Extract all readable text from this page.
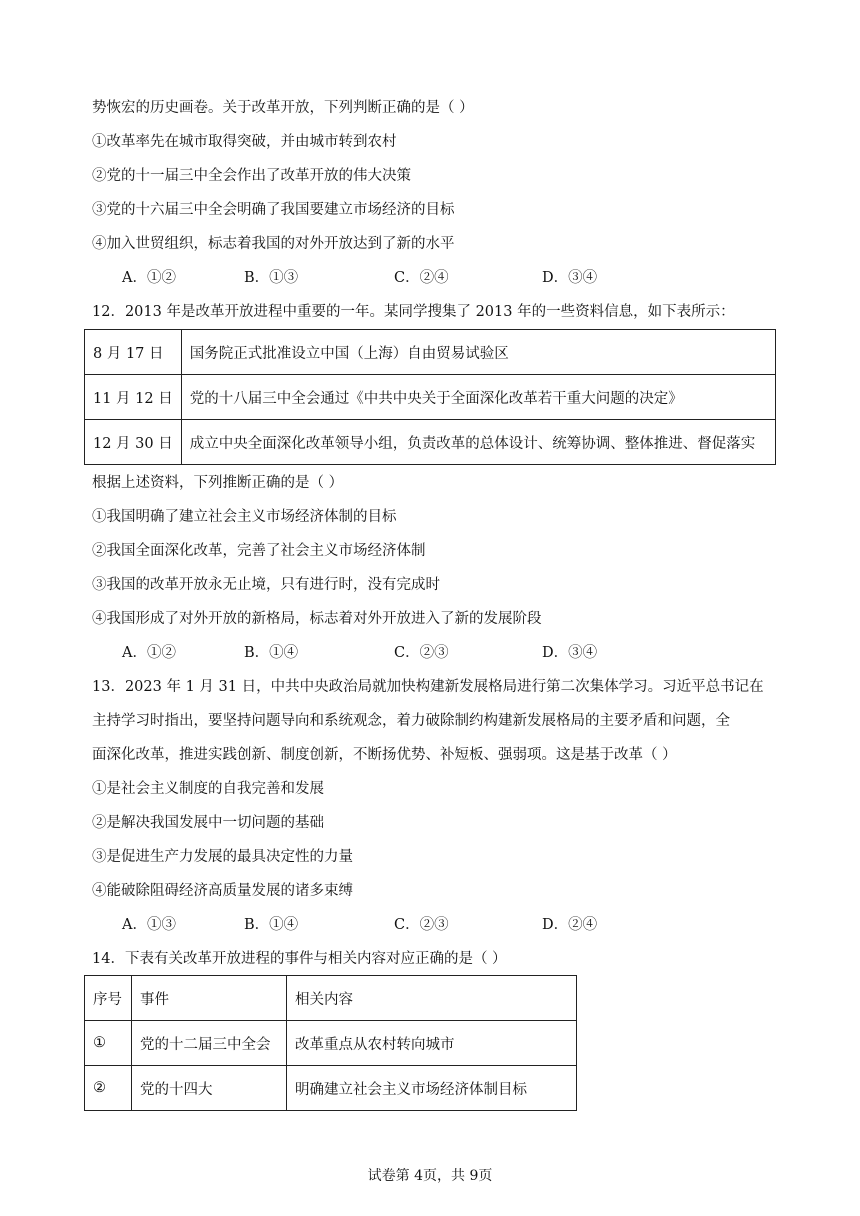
势恢宏的历史画卷。关于改革开放，下列判断正确的是（ ）
①改革率先在城市取得突破，并由城市转到农村
②党的十一届三中全会作出了改革开放的伟大决策
③党的十六届三中全会明确了我国要建立市场经济的目标
④加入世贸组织，标志着我国的对外开放达到了新的水平
A．①②	B．①③	C．②④	D．③④
12．2013 年是改革开放进程中重要的一年。某同学搜集了 2013 年的一些资料信息，如下表所示：
8 月 17 日	国务院正式批准设立中国（上海）自由贸易试验区
11 月 12 日	党的十八届三中全会通过《中共中央关于全面深化改革若干重大问题的决定》
12 月 30 日	成立中央全面深化改革领导小组，负责改革的总体设计、统筹协调、整体推进、督促落实
根据上述资料，下列推断正确的是（ ）
①我国明确了建立社会主义市场经济体制的目标
②我国全面深化改革，完善了社会主义市场经济体制
③我国的改革开放永无止境，只有进行时，没有完成时
④我国形成了对外开放的新格局，标志着对外开放进入了新的发展阶段
A．①②	B．①④	C．②③	D．③④
13．2023 年 1 月 31 日，中共中央政治局就加快构建新发展格局进行第二次集体学习。习近平总书记在
主持学习时指出，要坚持问题导向和系统观念，着力破除制约构建新发展格局的主要矛盾和问题，全
面深化改革，推进实践创新、制度创新，不断扬优势、补短板、强弱项。这是基于改革（ ）
①是社会主义制度的自我完善和发展
②是解决我国发展中一切问题的基础
③是促进生产力发展的最具决定性的力量
④能破除阻碍经济高质量发展的诸多束缚
A．①③	B．①④	C．②③	D．②④
14．下表有关改革开放进程的事件与相关内容对应正确的是（ ）
序号	事件	相关内容
①	党的十二届三中全会	改革重点从农村转向城市
②	党的十四大	明确建立社会主义市场经济体制目标
试卷第 4页，共 9页
